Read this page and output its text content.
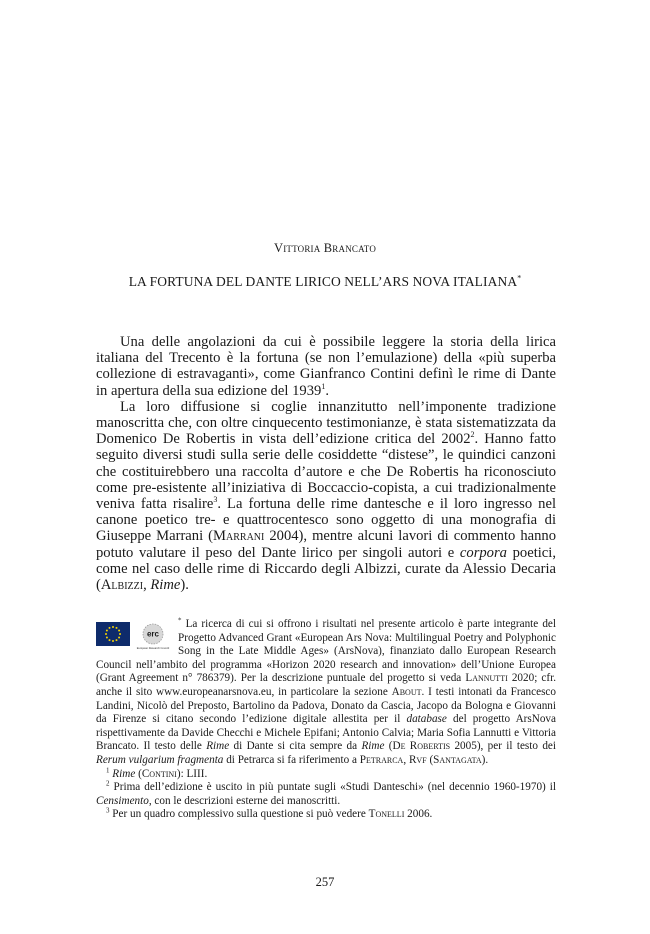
Vittoria Brancato
LA FORTUNA DEL DANTE LIRICO NELL’ARS NOVA ITALIANA*

Una delle angolazioni da cui è possibile leggere la storia della lirica italiana del Trecento è la fortuna (se non l’emulazione) della «più superba collezione di estravaganti», come Gianfranco Contini definì le rime di Dante in apertura della sua edizione del 1939$^1$.

La loro diffusione si coglie innanzitutto nell’imponente tradizione manoscritta che, con oltre cinquecento testimonianze, è stata sistematizzata da Domenico De Robertis in vista dell’edizione critica del 2002$^2$. Hanno fatto seguito diversi studi sulla serie delle cosiddette “distese”, le quindici canzoni che costituirebbero una raccolta d’autore e che De Robertis ha riconosciuto come pre-esistente all’iniziativa di Boccaccio-copista, a cui tradizionalmente veniva fatta risalire$^3$. La fortuna delle rime dantesche e il loro ingresso nel canone poetico tre- e quattrocentesco sono oggetto di una monografia di Giuseppe Marrani (Marrani 2004), mentre alcuni lavori di commento hanno potuto valutare il peso del Dante lirico per singoli autori e corpora poetici, come nel caso delle rime di Riccardo degli Albizzi, curate da Alessio Decaria (Albizzi, Rime).

erc
European Research Council
* La ricerca di cui si offrono i risultati nel presente articolo è parte integrante del Progetto Advanced Grant «European Ars Nova: Multilingual Poetry and Polyphonic Song in the Late Middle Ages» (ArsNova), finanziato dallo European Research Council nell’ambito del programma «Horizon 2020 research and innovation» dell’Unione Europea (Grant Agreement n° 786379). Per la descrizione puntuale del progetto si veda Lannutti 2020; cfr. anche il sito www.europeanarsnova.eu, in particolare la sezione About. I testi intonati da Francesco Landini, Nicolò del Preposto, Bartolino da Padova, Donato da Cascia, Jacopo da Bologna e Giovanni da Firenze si citano secondo l’edizione digitale allestita per il database del progetto ArsNova rispettivamente da Davide Checchi e Michele Epifani; Antonio Calvia; Maria Sofia Lannutti e Vittoria Brancato. Il testo delle Rime di Dante si cita sempre da Rime (De Robertis 2005), per il testo dei Rerum vulgarium fragmenta di Petrarca si fa riferimento a Petrarca, Rvf (Santagata).

$^1$ Rime (Contini): LIII.

$^2$ Prima dell’edizione è uscito in più puntate sugli «Studi Danteschi» (nel decennio 1960-1970) il Censimento, con le descrizioni esterne dei manoscritti.

$^3$ Per un quadro complessivo sulla questione si può vedere Tonelli 2006.

257
